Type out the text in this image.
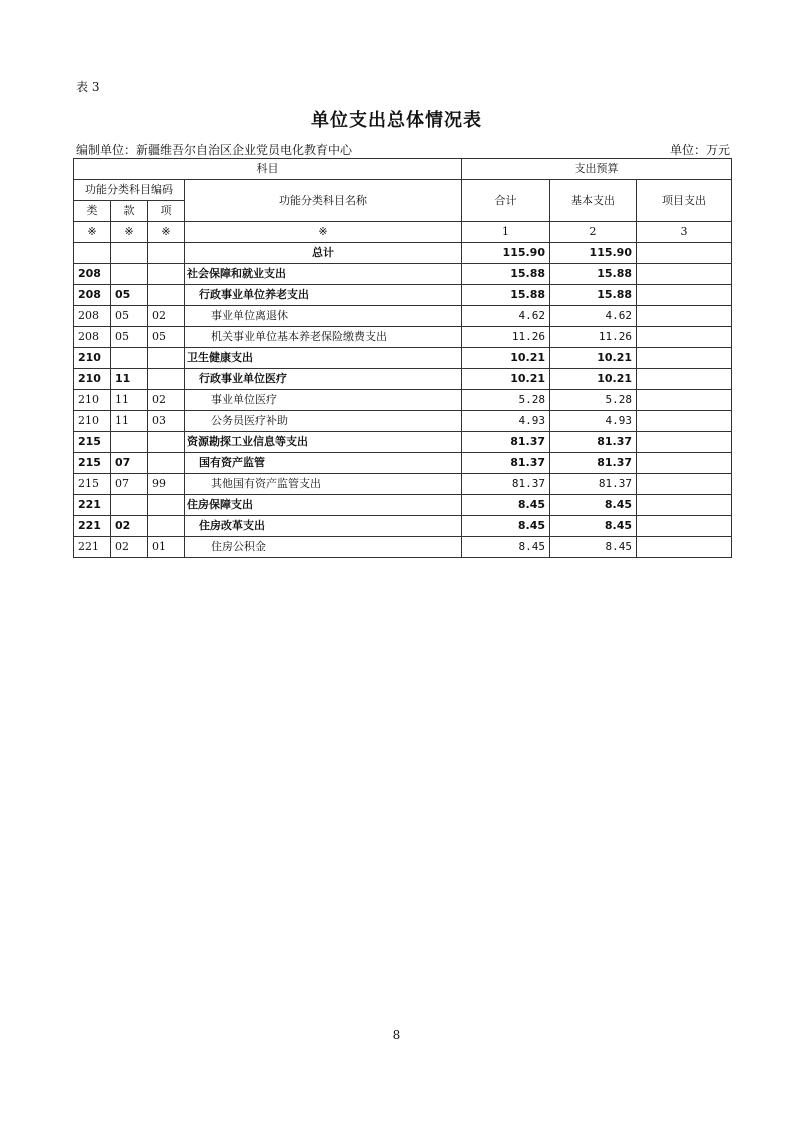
表 3
单位支出总体情况表
编制单位：新疆维吾尔自治区企业党员电化教育中心	单位：万元
科目				支出预算		
功能分类科目编码			功能分类科目名称	合计	基本支出	项目支出
类	款	项				
※	※	※	※	1	2	3
			总计	115.90	115.90	
208			社会保障和就业支出	15.88	15.88	
208	05		行政事业单位养老支出	15.88	15.88	
208	05	02	事业单位离退休	4.62	4.62	
208	05	05	机关事业单位基本养老保险缴费支出	11.26	11.26	
210			卫生健康支出	10.21	10.21	
210	11		行政事业单位医疗	10.21	10.21	
210	11	02	事业单位医疗	5.28	5.28	
210	11	03	公务员医疗补助	4.93	4.93	
215			资源勘探工业信息等支出	81.37	81.37	
215	07		国有资产监管	81.37	81.37	
215	07	99	其他国有资产监管支出	81.37	81.37	
221			住房保障支出	8.45	8.45	
221	02		住房改革支出	8.45	8.45	
221	02	01	住房公积金	8.45	8.45	
8
